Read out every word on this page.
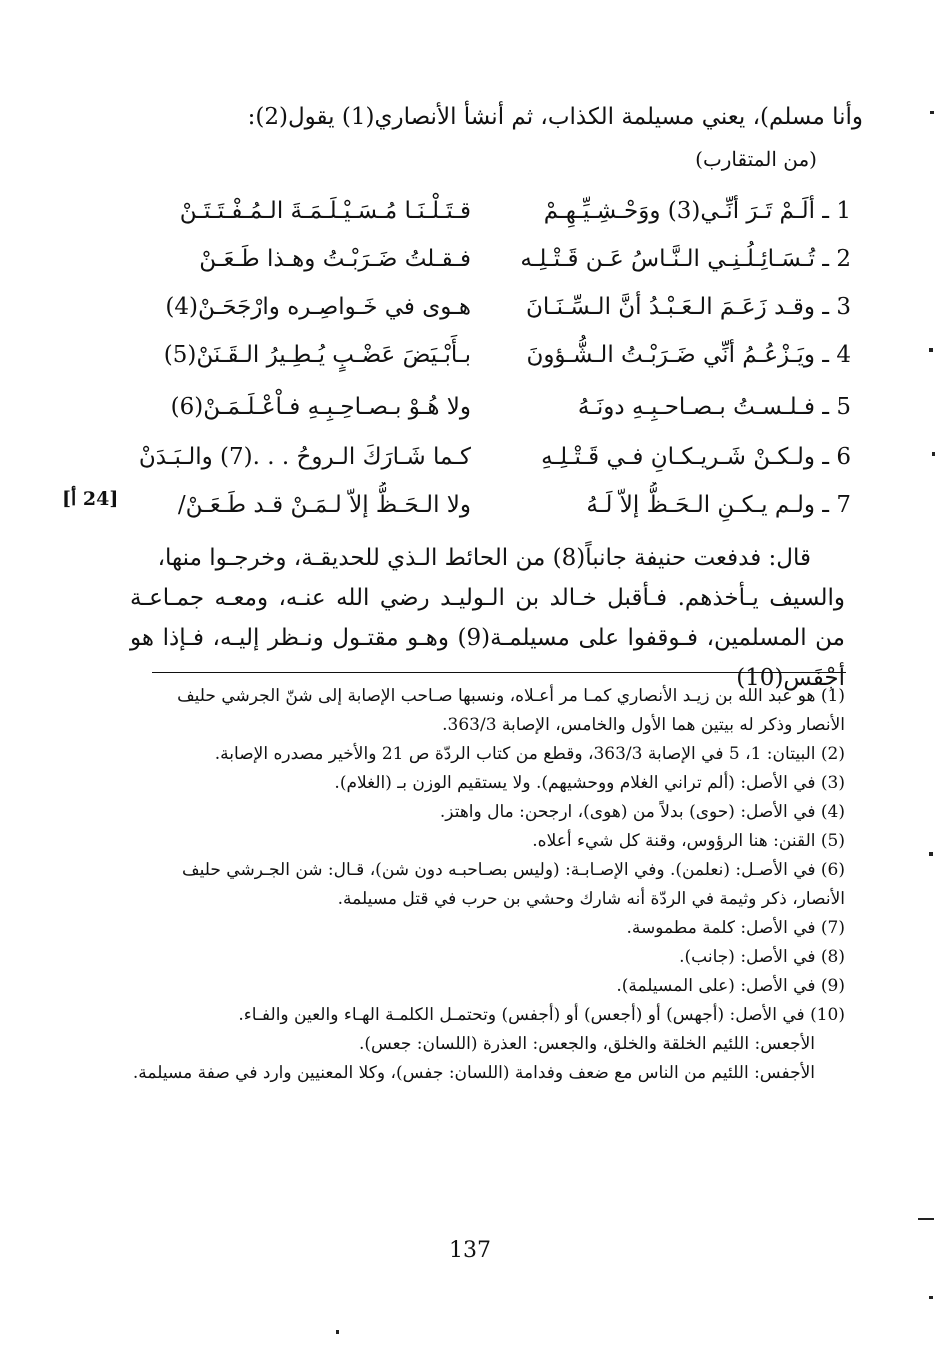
وأنا مسلم)، يعني مسيلمة الكذاب، ثم أنشأ الأنصاري(1) يقول(2):
(من المتقارب)
1 ـ ألَـمْ تَـرَ أنِّـي(3) ووَحْـشِـيِّـهِـمْ
قـتَـلْـنَـا مُـسَـيْـلَـمَـةَ الـمُـفْـتَـتَـنْ
2 ـ تُـسَـائِـلُـنِـي الـنَّـاسُ عَـن قَـتْـلِـه
فـقـلتُ ضَـرَبْـتُ وهـذا طَـعَـنْ
3 ـ وقـد زَعَـمَ الـعَـبْـدُ أنَّ الـسِّـنَـانَ
هـوى في خَـواصِـره وارْجَحَـنْ(4)
4 ـ ويَـزْعُـمُ أنِّي ضَـرَبْـتُ الـشُّـؤونَ
بـأَبْـيَضَ عَضْـبٍ يُـطِـيرُ الـقَـنَنْ(5)
5 ـ فـلـسـتُ بـصـاحـبِـهِ دونَـهُ
ولا هُـوْ بـصـاحِـبِـهِ فـاْعْـلَـمَـنْ(6)
6 ـ ولـكـنْ شَـريـكـانِ فـي قَـتْـلِـهِ
كـما شَـارَكَ الـروحُ . . .(7) والـبَـدَنْ
7 ـ ولـم يـكـنِ الـحَـظُّ إلاّ لَـهُ
ولا الـحَـظُّ إلاّ لـمَـنْ قـد طَـعَـنْ/
[24 أ]
قال: فدفعت حنيفة جانباً(8) من الحائط الـذي للحديقـة، وخرجـوا منها،
والسيف يـأخذهم. فـأقبل خـالد بن الـوليـد رضي الله عنـه، ومعـه جمـاعـة من المسلمين، فـوقفوا على مسيلمـة(9) وهـو مقتـول ونـظر إليـه، فـإذا هو أجْفَس(10)

(1) هو عبد الله بن زيـد الأنصاري كمـا مر أعـلاه، ونسبها صـاحب الإصابة إلى شنّ الجرشي حليف الأنصار وذكر له بيتين هما الأول والخامس، الإصابة 363/3.

(2) البيتان: 1، 5 في الإصابة 363/3، وقطع من كتاب الردّة ص 21 والأخير مصدره الإصابة.

(3) في الأصل: (ألم تراني الغلام ووحشيهم). ولا يستقيم الوزن بـ (الغلام).

(4) في الأصل: (حوى) بدلاً من (هوى)، ارجحن: مال واهتز.

(5) القنن: هنا الرؤوس، وقنة كل شيء أعلاه.

(6) في الأصـل: (نعلمن). وفي الإصـابـة: (وليس بصـاحبـه دون شن)، قـال: شن الجـرشي حليف الأنصار، ذكر وثيمة في الردّة أنه شارك وحشي بن حرب في قتل مسيلمة.

(7) في الأصل: كلمة مطموسة.

(8) في الأصل: (جانب).

(9) في الأصل: (على المسيلمة).

(10) في الأصل: (أجهس) أو (أجعس) أو (أجفس) وتحتمـل الكلمـة الهـاء والعين والفـاء.

الأجعس: اللئيم الخلقة والخلق، والجعس: العذرة (اللسان: جعس).

الأجفس: اللئيم من الناس مع ضعف وفدامة (اللسان: جفس)، وكلا المعنيين وارد في صفة مسيلمة.

137
